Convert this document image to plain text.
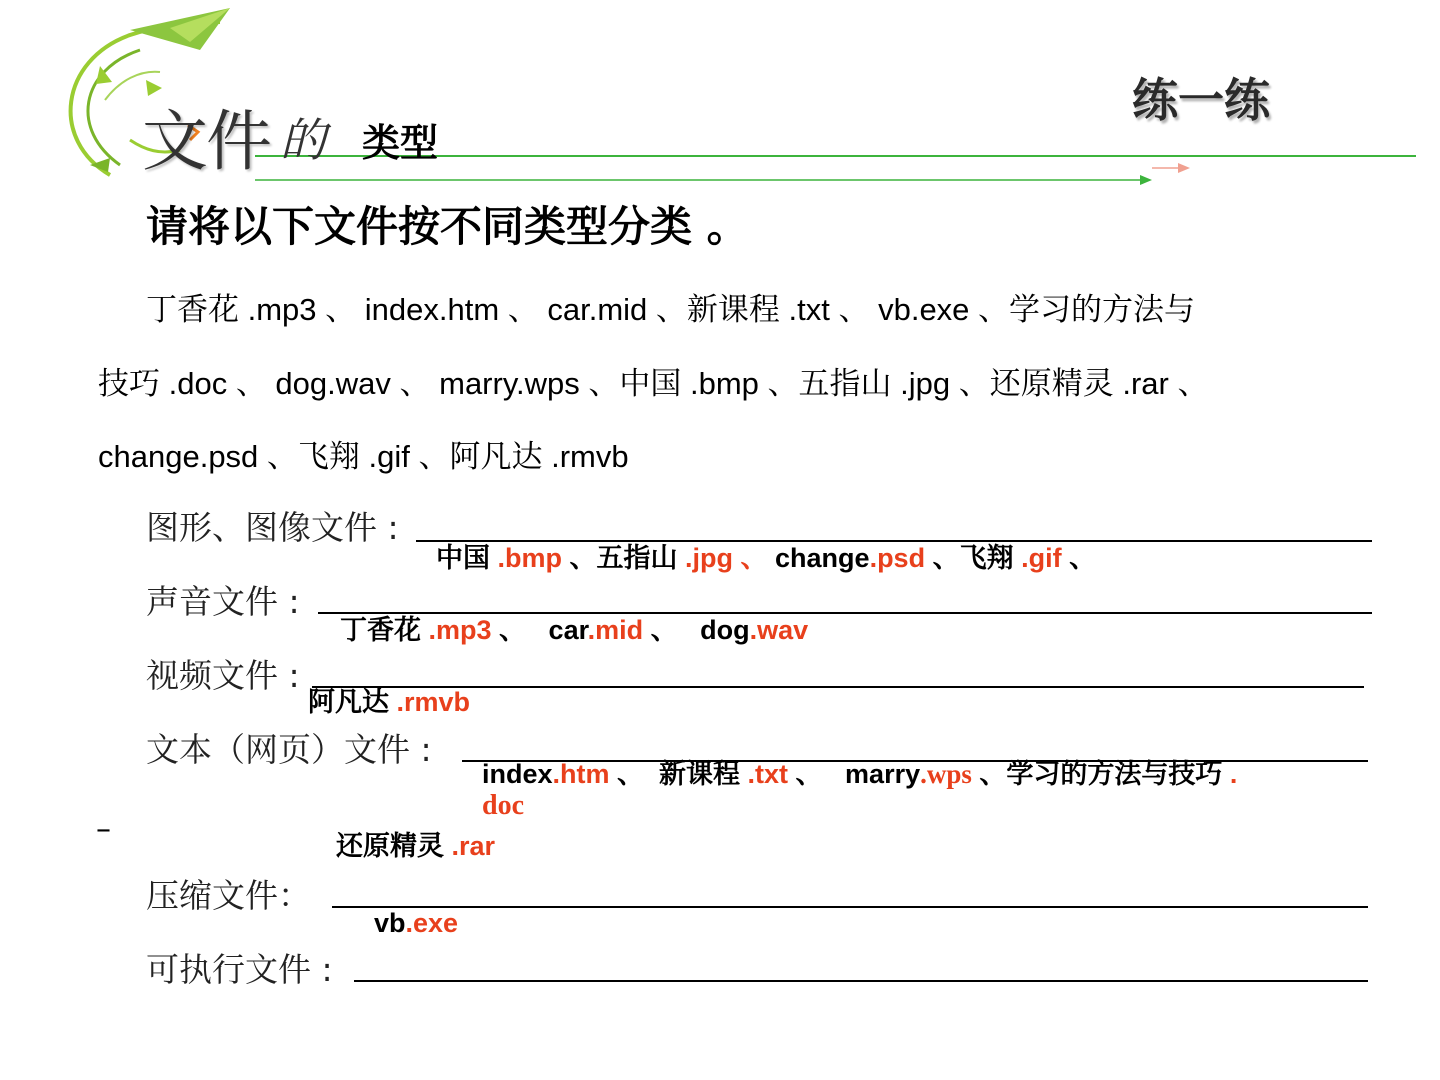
文件 的 类型
练一练
请将以下文件按不同类型分类 。
丁香花 .mp3 、 index.htm 、 car.mid 、新课程 .txt 、 vb.exe 、学习的方法与
技巧 .doc 、 dog.wav 、 marry.wps 、中国 .bmp 、五指山 .jpg 、还原精灵 .rar 、
change.psd 、飞翔 .gif 、阿凡达 .rmvb
图形、图像文件 :
中国 .bmp 、五指山 .jpg 、 change.psd 、飞翔 .gif 、
声音文件 :
丁香花 .mp3 、   car.mid 、   dog.wav
视频文件 :
阿凡达 .rmvb
文本（网页）文件 :
index.htm 、  新课程 .txt 、   marry.wps 、学习的方法与技巧 .
doc
–	还原精灵 .rar
压缩文件：
vb.exe
可执行文件 :
